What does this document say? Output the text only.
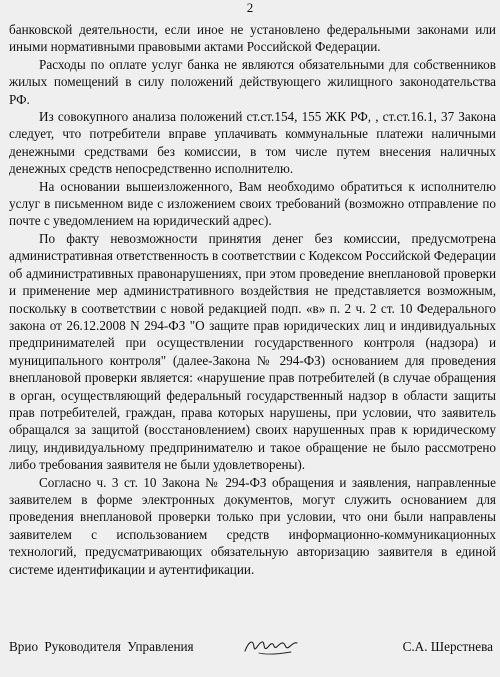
2

банковской деятельности, если иное не установлено федеральными законами или иными нормативными правовыми актами Российской Федерации.

Расходы по оплате услуг банка не являются обязательными для собственников жилых помещений в силу положений действующего жилищного законодательства РФ.

Из совокупного анализа положений ст.ст.154, 155 ЖК РФ, , ст.ст.16.1, 37 Закона следует, что потребители вправе уплачивать коммунальные платежи наличными денежными средствами без комиссии, в том числе путем внесения наличных денежных средств непосредственно исполнителю.

На основании вышеизложенного, Вам необходимо обратиться к исполнителю услуг в письменном виде с изложением своих требований (возможно отправление по почте с уведомлением на юридический адрес).

По факту невозможности принятия денег без комиссии, предусмотрена административная ответственность в соответствии с Кодексом Российской Федерации об административных правонарушениях, при этом проведение внеплановой проверки и применение мер административного воздействия не представляется возможным, поскольку в соответствии с новой редакцией подп. «в» п. 2 ч. 2 ст. 10 Федерального закона от 26.12.2008 N 294-ФЗ "О защите прав юридических лиц и индивидуальных предпринимателей при осуществлении государственного контроля (надзора) и муниципального контроля" (далее-Закона № 294-ФЗ) основанием для проведения внеплановой проверки является: «нарушение прав потребителей (в случае обращения в орган, осуществляющий федеральный государственный надзор в области защиты прав потребителей, граждан, права которых нарушены, при условии, что заявитель обращался за защитой (восстановлением) своих нарушенных прав к юридическому лицу, индивидуальному предпринимателю и такое обращение не было рассмотрено либо требования заявителя не были удовлетворены).

Согласно ч. 3 ст. 10 Закона № 294-ФЗ обращения и заявления, направленные заявителем в форме электронных документов, могут служить основанием для проведения внеплановой проверки только при условии, что они были направлены заявителем с использованием средств информационно-коммуникационных технологий, предусматривающих обязательную авторизацию заявителя в единой системе идентификации и аутентификации.

Врио Руководителя Управления	С.А. Шерстнева
